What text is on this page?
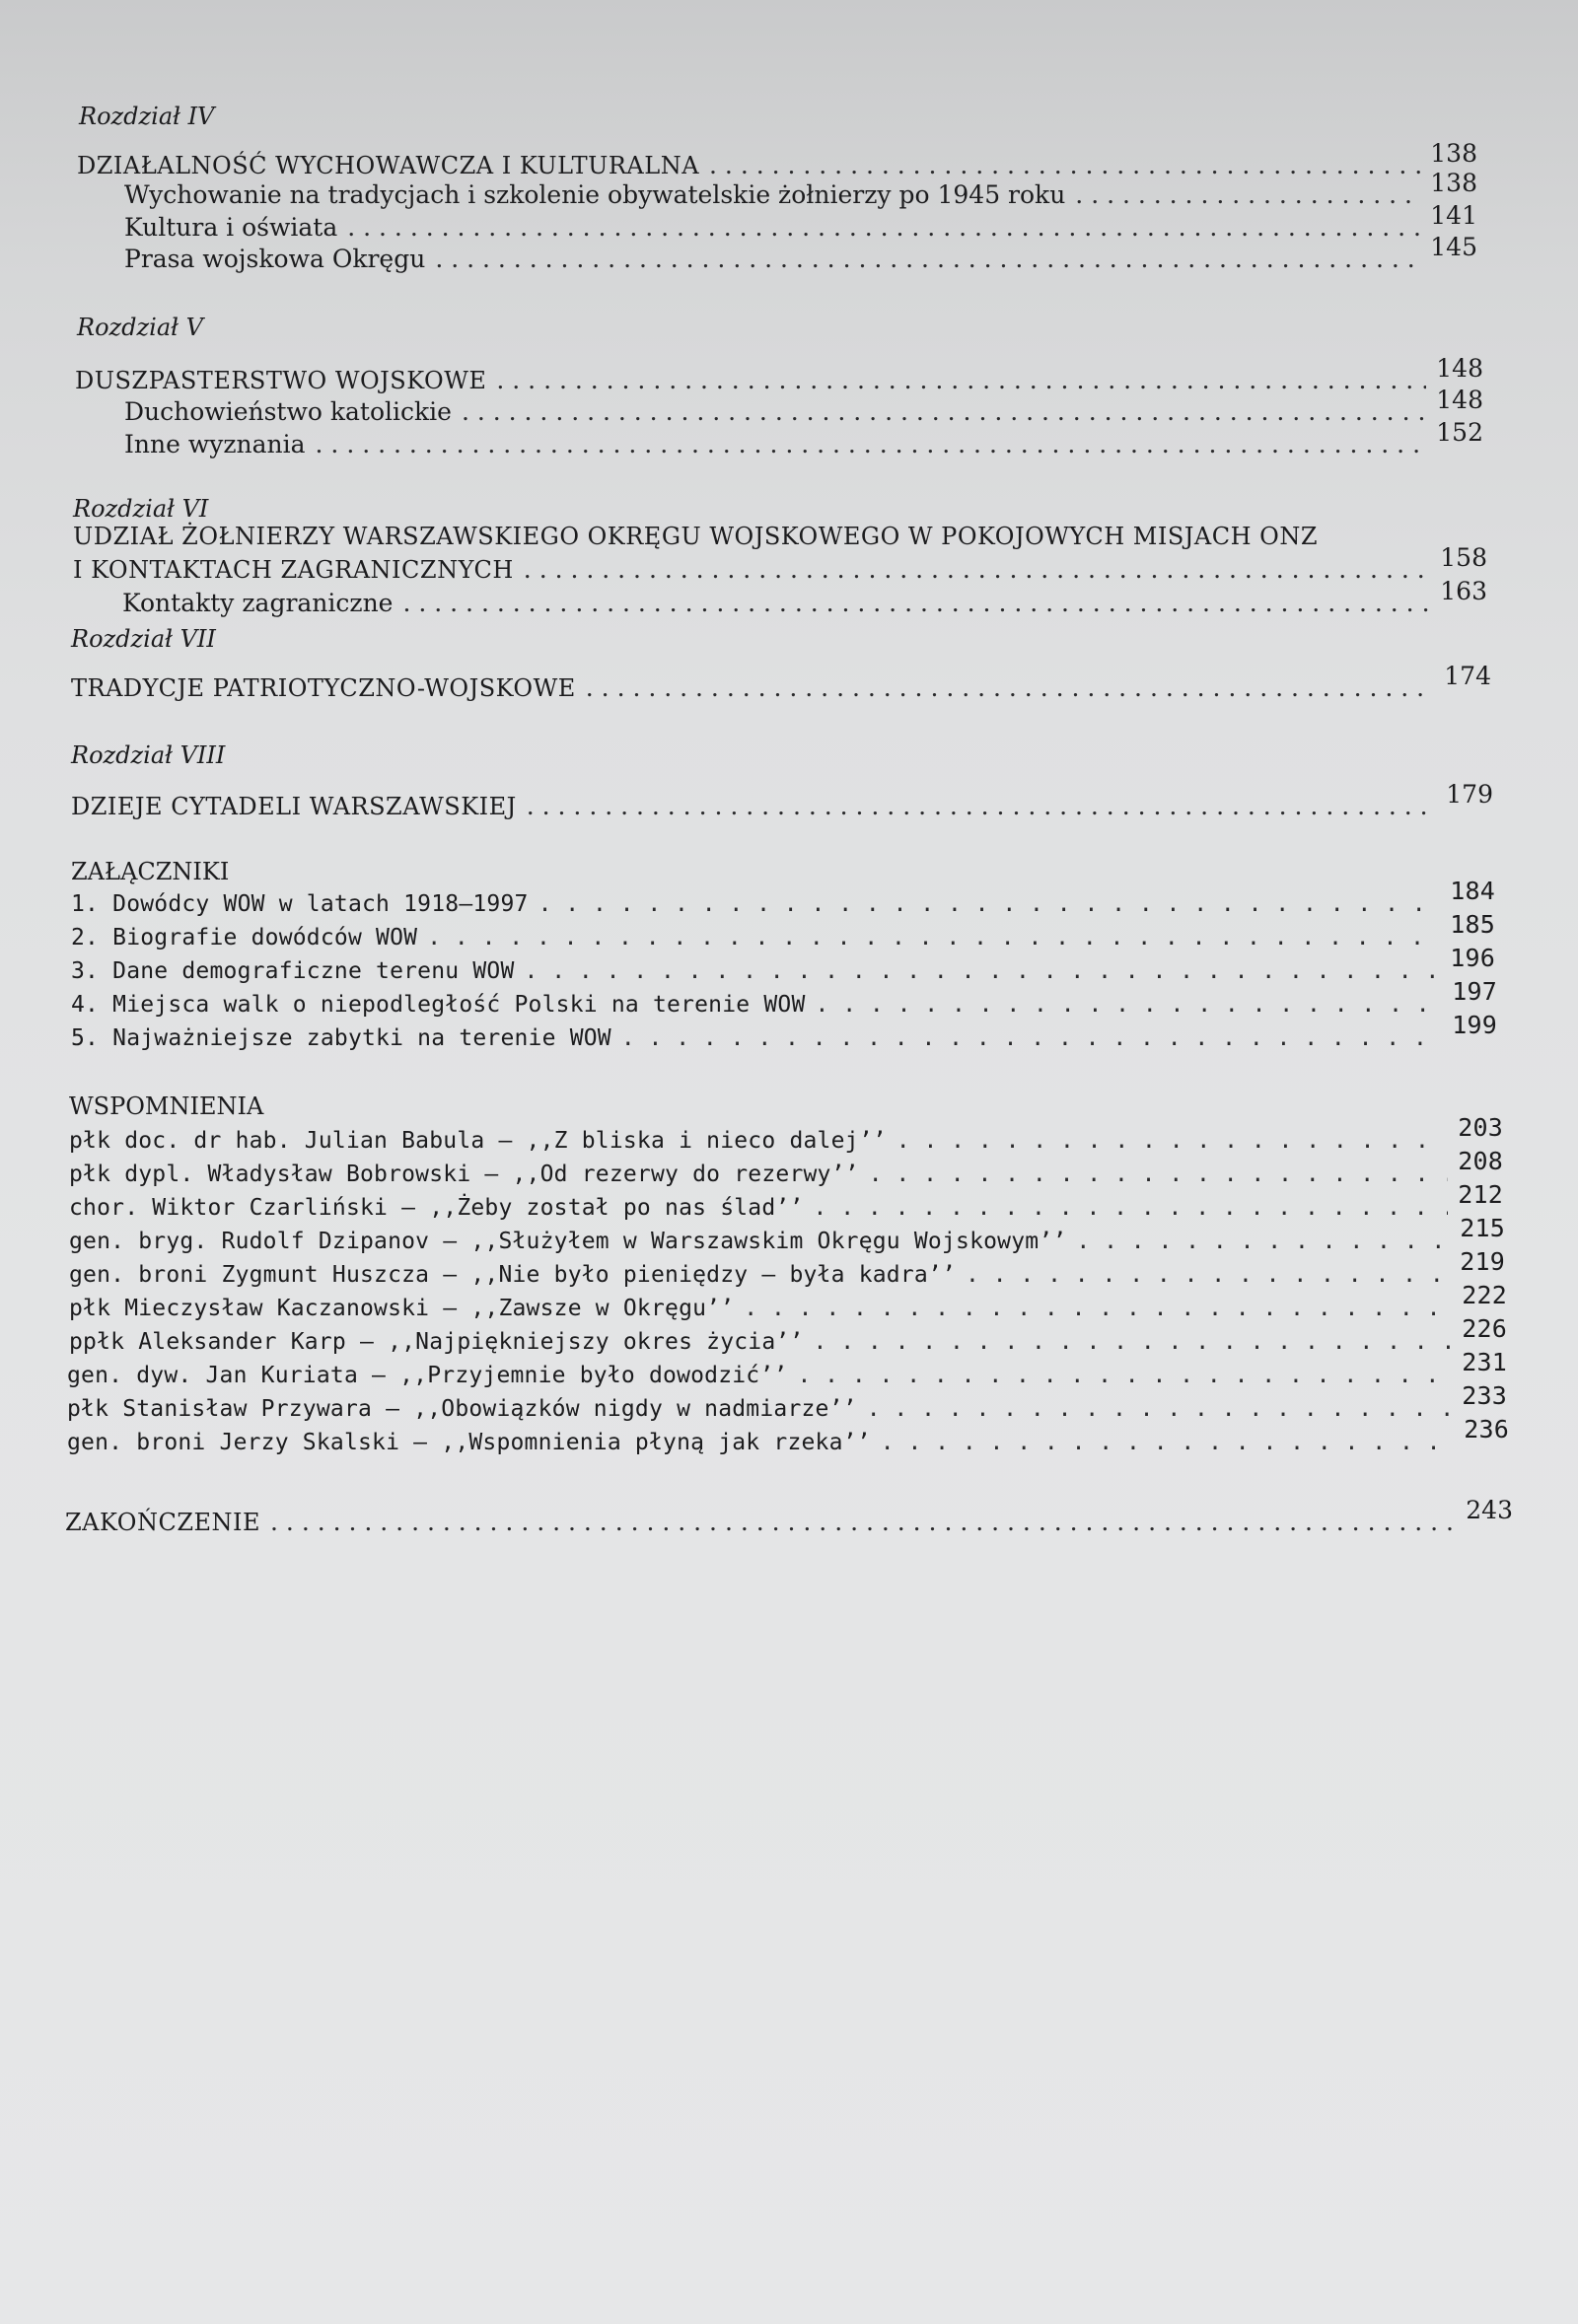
Rozdział IV
DZIAŁALNOŚĆ WYCHOWAWCZA I KULTURALNA . . .	138
Wychowanie na tradycjach i szkolenie obywatelskie żołnierzy po 1945 roku . . .	138
Kultura i oświata . . .	141
Prasa wojskowa Okręgu . . .	145
Rozdział V
DUSZPASTERSTWO WOJSKOWE . . .	148
Duchowieństwo katolickie . . .	148
Inne wyznania . . .	152
Rozdział VI
UDZIAŁ ŻOŁNIERZY WARSZAWSKIEGO OKRĘGU WOJSKOWEGO W POKOJOWYCH MISJACH ONZ
I KONTAKTACH ZAGRANICZNYCH . . .	158
Kontakty zagraniczne . . .	163
Rozdział VII
TRADYCJE PATRIOTYCZNO-WOJSKOWE . . .	174
Rozdział VIII
DZIEJE CYTADELI WARSZAWSKIEJ . . .	179
ZAŁĄCZNIKI
1. Dowódcy WOW w latach 1918–1997 . . .	184
2. Biografie dowódców WOW . . .	185
3. Dane demograficzne terenu WOW . . .	196
4. Miejsca walk o niepodległość Polski na terenie WOW . . .	197
5. Najważniejsze zabytki na terenie WOW . . .	199
WSPOMNIENIA
płk doc. dr hab. Julian Babula – ,,Z bliska i nieco dalej’’ . . .	203
płk dypl. Władysław Bobrowski – ,,Od rezerwy do rezerwy’’ . . .	208
chor. Wiktor Czarliński – ,,Żeby został po nas ślad’’ . . .	212
gen. bryg. Rudolf Dzipanov – ,,Służyłem w Warszawskim Okręgu Wojskowym’’ . . .	215
gen. broni Zygmunt Huszcza – ,,Nie było pieniędzy – była kadra’’ . . .	219
płk Mieczysław Kaczanowski – ,,Zawsze w Okręgu’’ . . .	222
ppłk Aleksander Karp – ,,Najpiękniejszy okres życia’’ . . .	226
gen. dyw. Jan Kuriata – ,,Przyjemnie było dowodzić’’ . . .	231
płk Stanisław Przywara – ,,Obowiązków nigdy w nadmiarze’’ . . .	233
gen. broni Jerzy Skalski – ,,Wspomnienia płyną jak rzeka’’ . . .	236
ZAKOŃCZENIE . . .	243
